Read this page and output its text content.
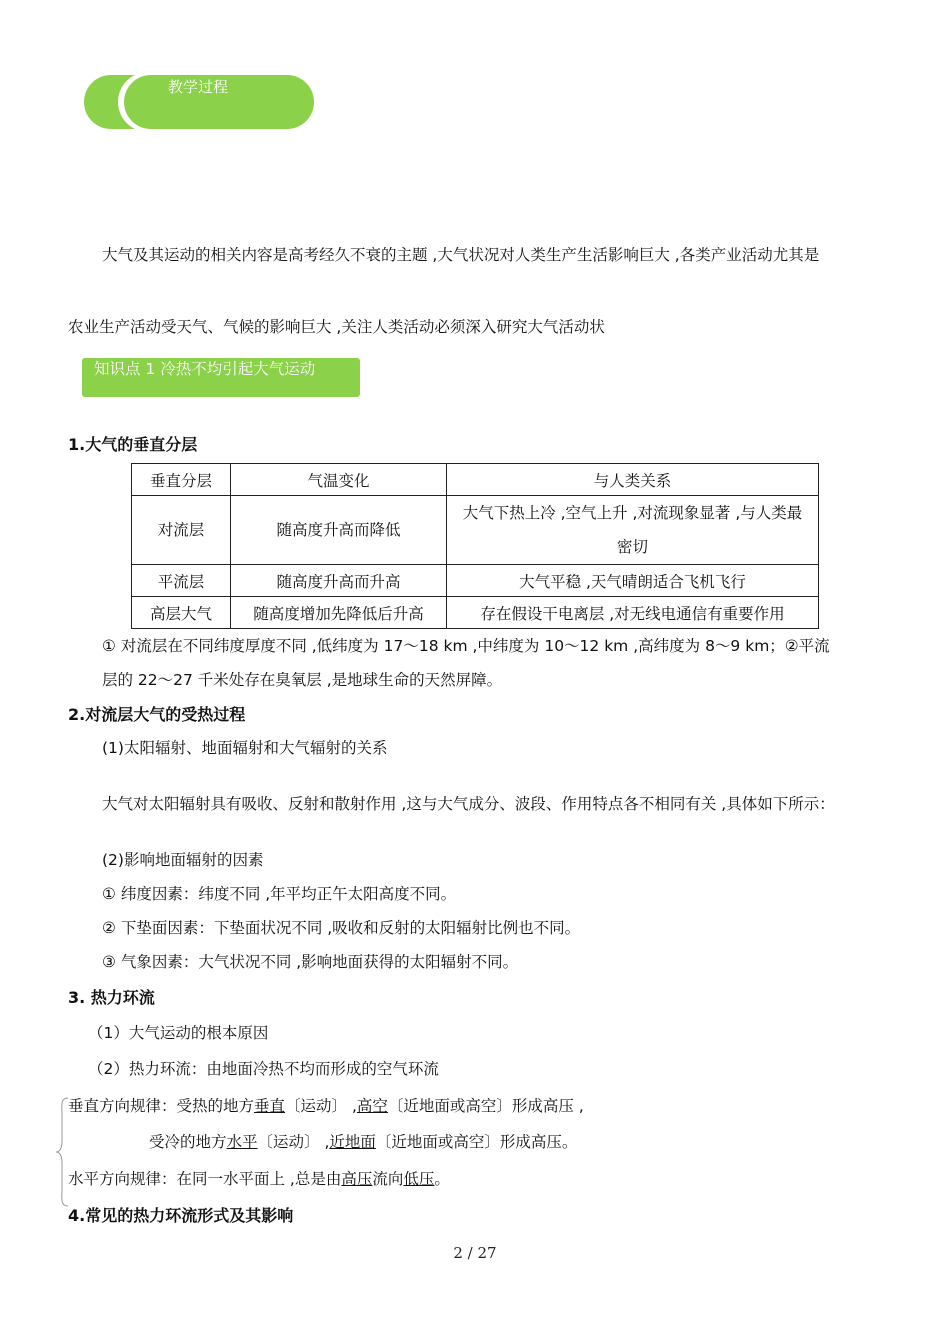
教学过程
大气及其运动的相关内容是高考经久不衰的主题 ,大气状况对人类生产生活影响巨大 ,各类产业活动尤其是
农业生产活动受天气、气候的影响巨大 ,关注人类活动必须深入研究大气活动状
知识点 1 冷热不均引起大气运动
1.大气的垂直分层
垂直分层	气温变化	与人类关系
对流层	随高度升高而降低	大气下热上冷 ,空气上升 ,对流现象显著 ,与人类最密切
平流层	随高度升高而升高	大气平稳 ,天气晴朗适合飞机飞行
高层大气	随高度增加先降低后升高	存在假设干电离层 ,对无线电通信有重要作用
① 对流层在不同纬度厚度不同 ,低纬度为 17～18 km ,中纬度为 10～12 km ,高纬度为 8～9 km；②平流
层的 22～27 千米处存在臭氧层 ,是地球生命的天然屏障。
2.对流层大气的受热过程
(1)太阳辐射、地面辐射和大气辐射的关系
大气对太阳辐射具有吸收、反射和散射作用 ,这与大气成分、波段、作用特点各不相同有关 ,具体如下所示：
(2)影响地面辐射的因素
① 纬度因素：纬度不同 ,年平均正午太阳高度不同。
② 下垫面因素：下垫面状况不同 ,吸收和反射的太阳辐射比例也不同。
③ 气象因素：大气状况不同 ,影响地面获得的太阳辐射不同。
3. 热力环流
（1）大气运动的根本原因
（2）热力环流：由地面冷热不均而形成的空气环流
垂直方向规律：受热的地方垂直〔运动〕 ,高空〔近地面或高空〕形成高压 ,
受冷的地方水平〔运动〕 ,近地面〔近地面或高空〕形成高压。
水平方向规律：在同一水平面上 ,总是由高压流向低压。
4.常见的热力环流形式及其影响
2 / 27
